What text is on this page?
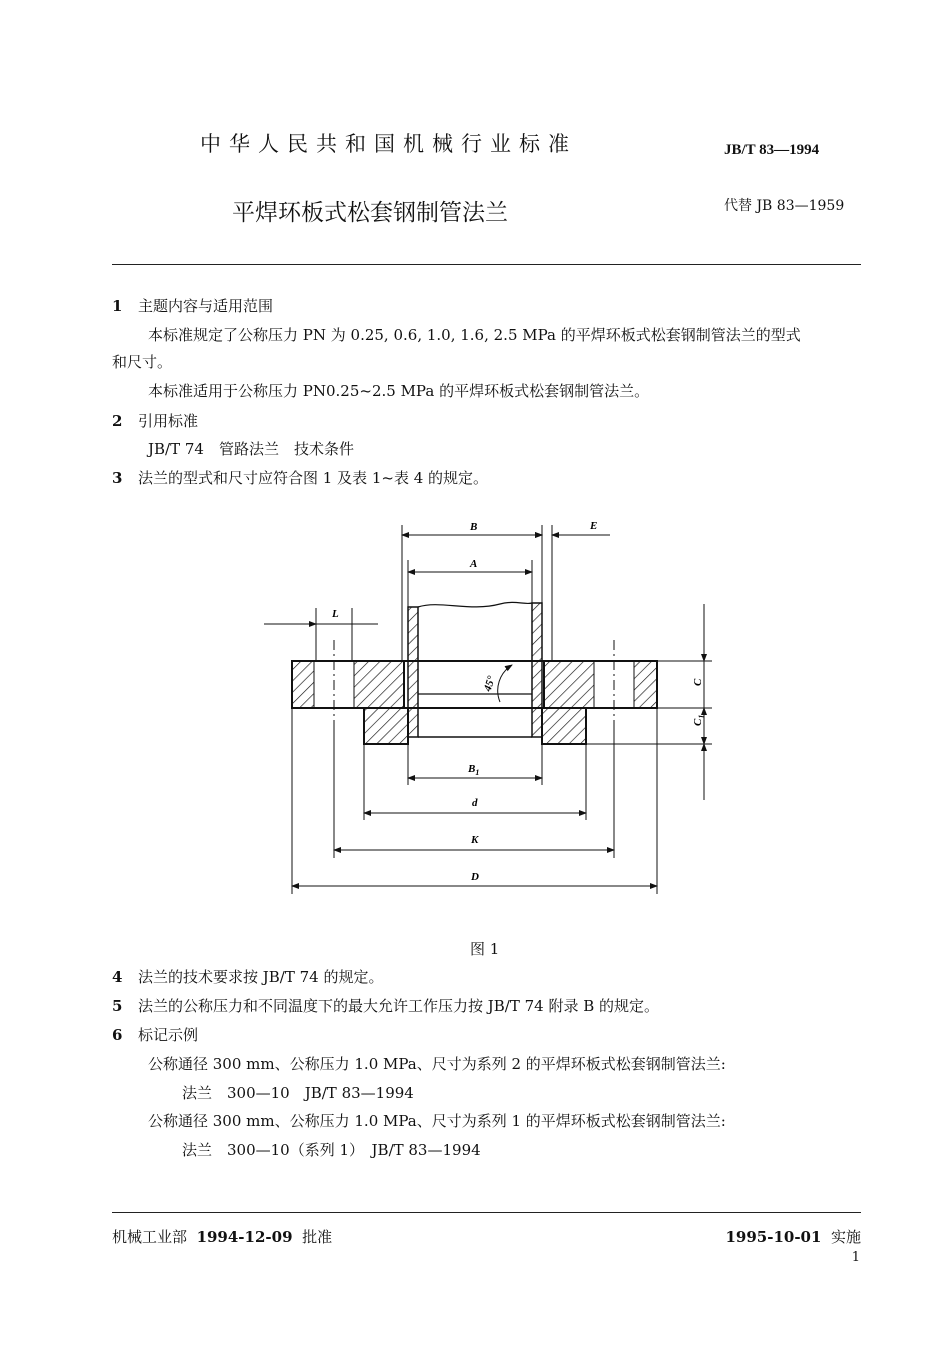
中华人民共和国机械行业标准	JB/T 83—1994
平焊环板式松套钢制管法兰	代替 JB 83—1959
1 主题内容与适用范围
本标准规定了公称压力 PN 为 0.25, 0.6, 1.0, 1.6, 2.5 MPa 的平焊环板式松套钢制管法兰的型式
和尺寸。
本标准适用于公称压力 PN0.25~2.5 MPa 的平焊环板式松套钢制管法兰。
2 引用标准
JB/T 74　管路法兰　技术条件
3 法兰的型式和尺寸应符合图 1 及表 1~表 4 的规定。
B	E
A
L
45°	C
$C_1$
$B_1$
d
K
D
图 1
4 法兰的技术要求按 JB/T 74 的规定。
5 法兰的公称压力和不同温度下的最大允许工作压力按 JB/T 74 附录 B 的规定。
6 标记示例
公称通径 300 mm、公称压力 1.0 MPa、尺寸为系列 2 的平焊环板式松套钢制管法兰:
法兰　300—10　JB/T 83—1994
公称通径 300 mm、公称压力 1.0 MPa、尺寸为系列 1 的平焊环板式松套钢制管法兰:
法兰　300—10（系列 1）　JB/T 83—1994
机械工业部 1994-12-09 批准	1995-10-01 实施
1
